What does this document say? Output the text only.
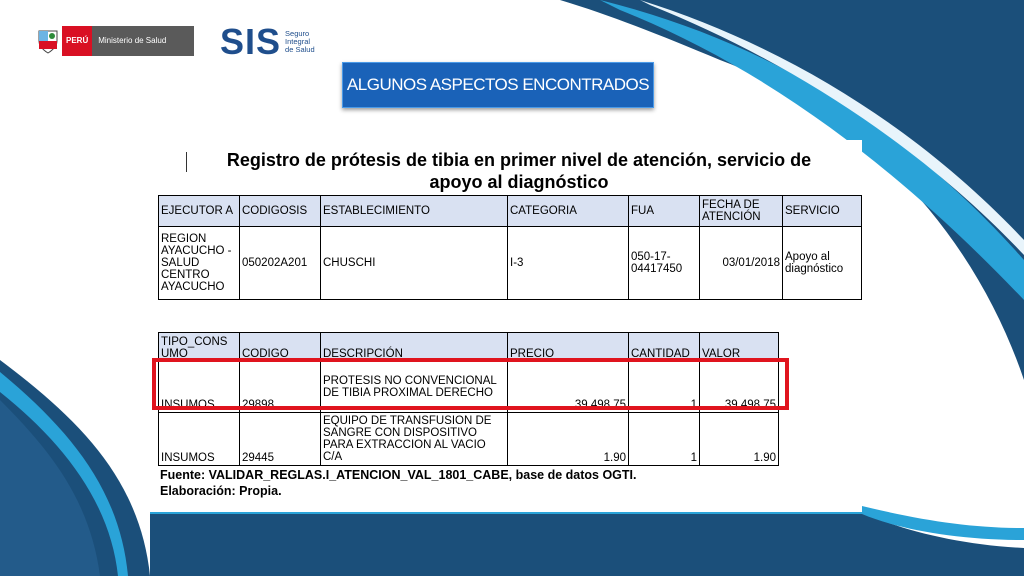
PERÚ	Ministerio de Salud	SIS Seguro
Integral
de Salud
ALGUNOS ASPECTOS ENCONTRADOS
Registro de prótesis de tibia en primer nivel de atención, servicio de
apoyo al diagnóstico
EJECUTOR A	CODIGOSIS	ESTABLECIMIENTO	CATEGORIA	FUA	FECHA DE ATENCIÓN	SERVICIO
REGION AYACUCHO - SALUD CENTRO AYACUCHO	050202A201	CHUSCHI	I-3	050-17-04417450	03/01/2018	Apoyo al diagnóstico
TIPO_CONS UMO	CODIGO	DESCRIPCIÓN	PRECIO	CANTIDAD	VALOR
INSUMOS	29898	PROTESIS NO CONVENCIONAL DE TIBIA PROXIMAL DERECHO	39,498.75	1	39,498.75
INSUMOS	29445	EQUIPO DE TRANSFUSION DE SANGRE CON DISPOSITIVO PARA EXTRACCION AL VACIO C/A	1.90	1	1.90
Fuente: VALIDAR_REGLAS.I_ATENCION_VAL_1801_CABE, base de datos OGTI.
Elaboración: Propia.
